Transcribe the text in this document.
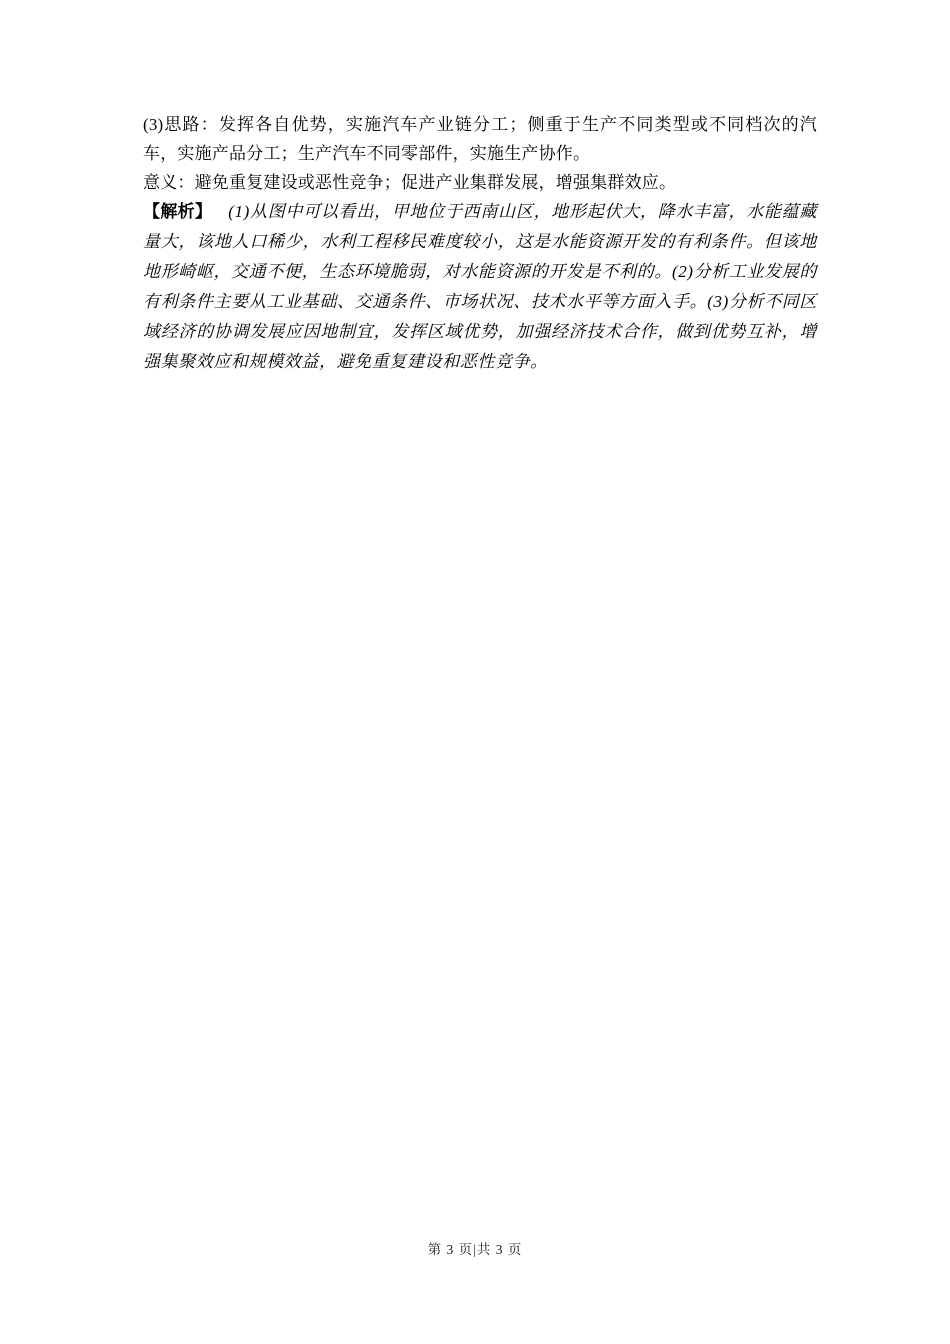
(3)思路：发挥各自优势，实施汽车产业链分工；侧重于生产不同类型或不同档次的汽车，实施产品分工；生产汽车不同零部件，实施生产协作。

意义：避免重复建设或恶性竞争；促进产业集群发展，增强集群效应。

【解析】 (1)从图中可以看出，甲地位于西南山区，地形起伏大，降水丰富，水能蕴藏量大，该地人口稀少，水利工程移民难度较小，这是水能资源开发的有利条件。但该地地形崎岖，交通不便，生态环境脆弱，对水能资源的开发是不利的。(2)分析工业发展的有利条件主要从工业基础、交通条件、市场状况、技术水平等方面入手。(3)分析不同区域经济的协调发展应因地制宜，发挥区域优势，加强经济技术合作，做到优势互补，增强集聚效应和规模效益，避免重复建设和恶性竞争。

第 3 页|共 3 页
